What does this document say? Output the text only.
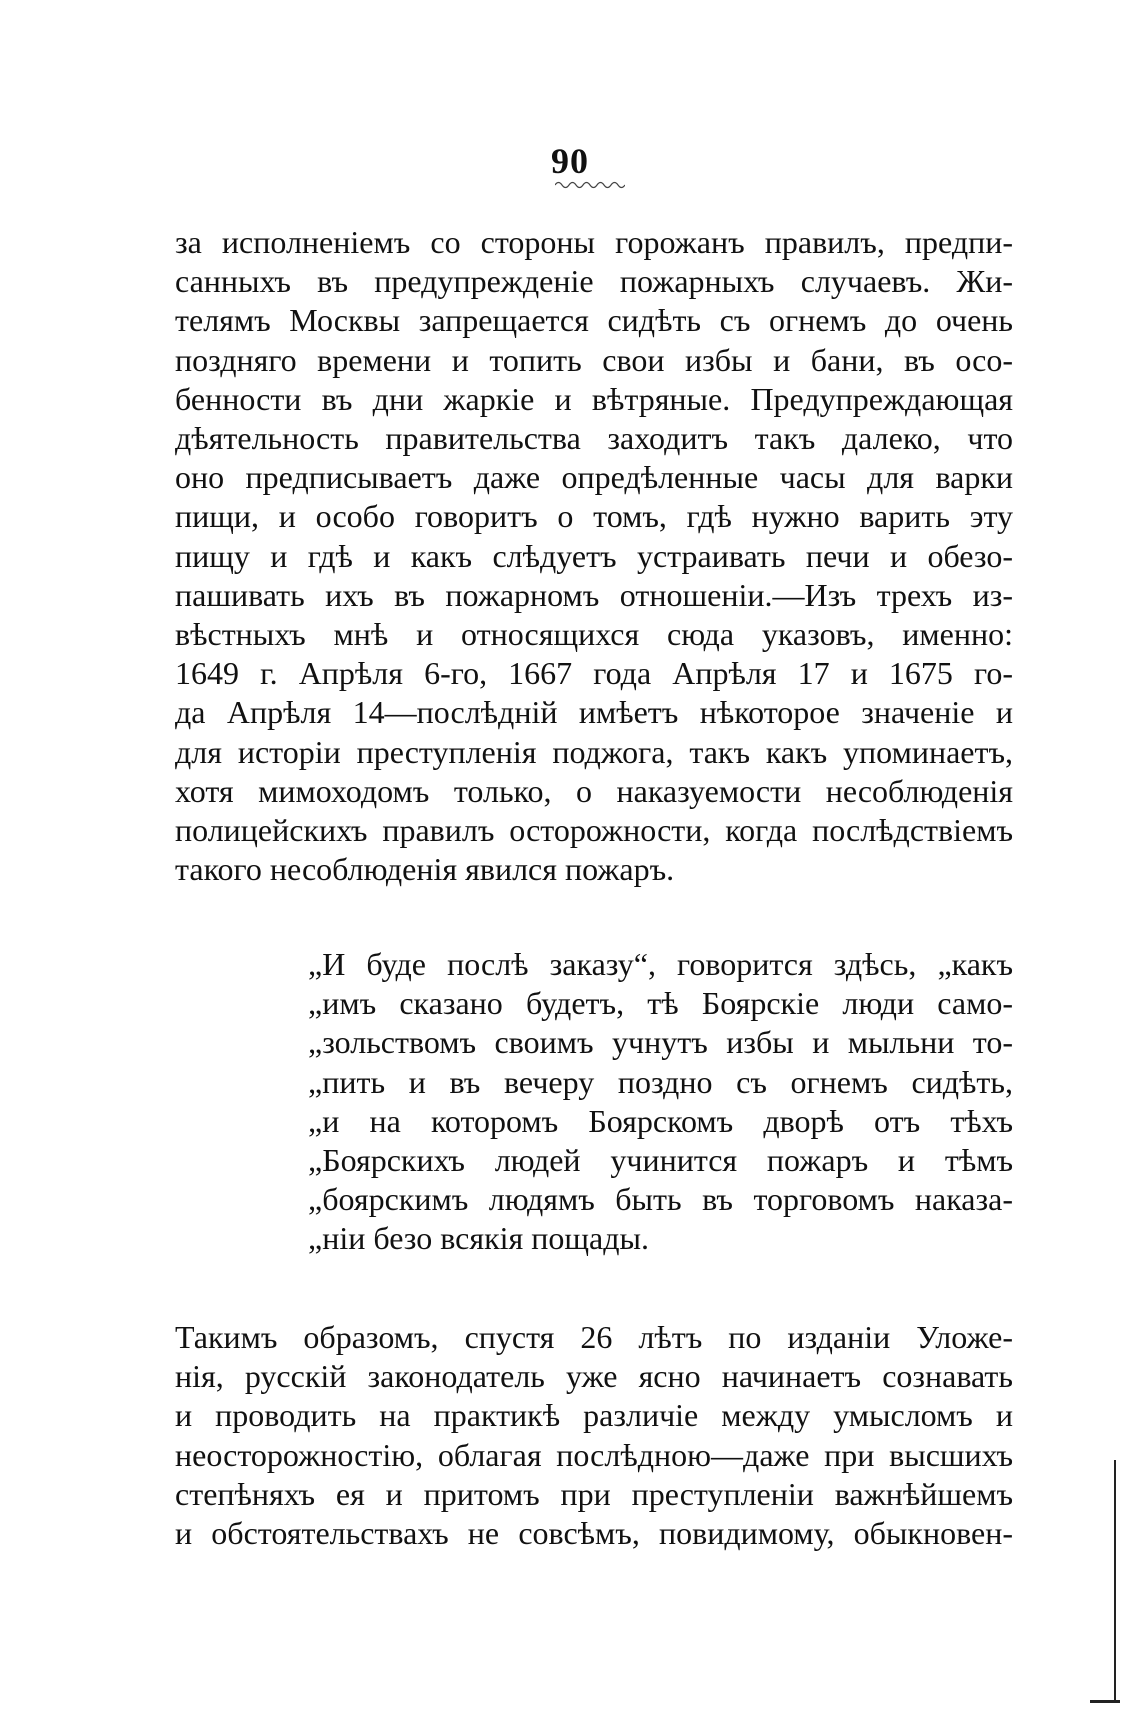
90
за исполненіемъ со стороны горожанъ правилъ, предпи-
санныхъ въ предупрежденіе пожарныхъ случаевъ. Жи-
телямъ Москвы запрещается сидѣть съ огнемъ до очень
поздняго времени и топить свои избы и бани, въ осо-
бенности въ дни жаркіе и вѣтряные. Предупреждающая
дѣятельность правительства заходитъ такъ далеко, что
оно предписываетъ даже опредѣленные часы для варки
пищи, и особо говоритъ о томъ, гдѣ нужно варить эту
пищу и гдѣ и какъ слѣдуетъ устраивать печи и обезо-
пашивать ихъ въ пожарномъ отношеніи.—Изъ трехъ из-
вѣстныхъ мнѣ и относящихся сюда указовъ, именно:
1649 г. Апрѣля 6-го, 1667 года Апрѣля 17 и 1675 го-
да Апрѣля 14—послѣдній имѣетъ нѣкоторое значеніе и
для исторіи преступленія поджога, такъ какъ упоминаетъ,
хотя мимоходомъ только, о наказуемости несоблюденія
полицейскихъ правилъ осторожности, когда послѣдствіемъ
такого несоблюденія явился пожаръ.
„И буде послѣ заказу“, говорится здѣсь, „какъ
„имъ сказано будетъ, тѣ Боярскіе люди само-
„зольствомъ своимъ учнутъ избы и мыльни то-
„пить и въ вечеру поздно съ огнемъ сидѣть,
„и на которомъ Боярскомъ дворѣ отъ тѣхъ
„Боярскихъ людей учинится пожаръ и тѣмъ
„боярскимъ людямъ быть въ торговомъ наказа-
„ніи безо всякія пощады.
Такимъ образомъ, спустя 26 лѣтъ по изданіи Уложе-
нія, русскій законодатель уже ясно начинаетъ сознавать
и проводить на практикѣ различіе между умысломъ и
неосторожностію, облагая послѣдною—даже при высшихъ
степѣняхъ ея и притомъ при преступленіи важнѣйшемъ
и обстоятельствахъ не совсѣмъ, повидимому, обыкновен-
